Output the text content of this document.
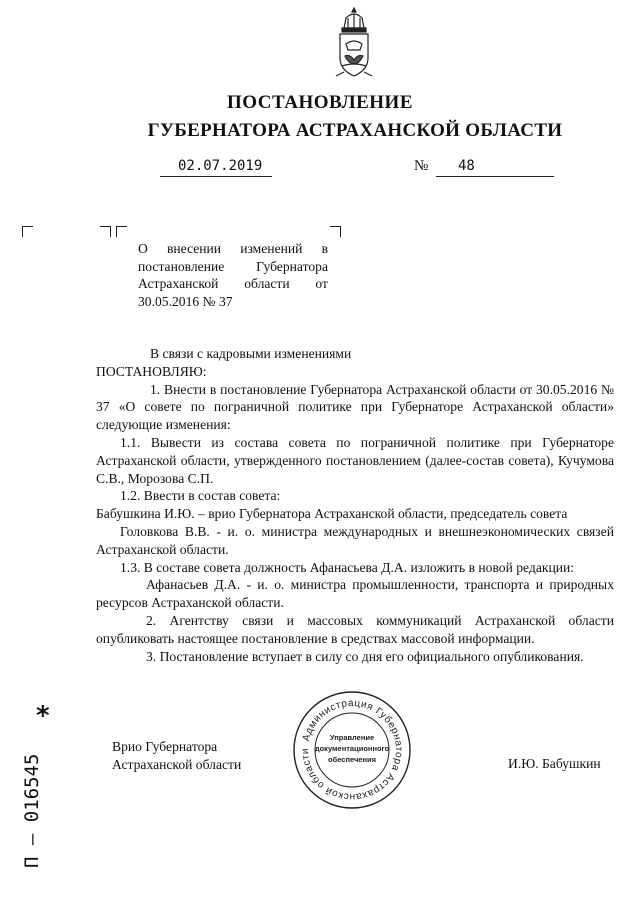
ПОСТАНОВЛЕНИЕ
ГУБЕРНАТОРА АСТРАХАНСКОЙ ОБЛАСТИ
02.07.2019	№ 48

О внесении изменений в постановление Губернатора Астраханской области от 30.05.2016 № 37

В связи с кадровыми изменениями

ПОСТАНОВЛЯЮ:

1. Внести в постановление Губернатора Астраханской области от 30.05.2016 № 37 «О совете по пограничной политике при Губернаторе Астраханской области» следующие изменения:

1.1. Вывести из состава совета по пограничной политике при Губернаторе Астраханской области, утвержденного постановлением (далее-состав совета), Кучумова С.В., Морозова С.П.

1.2. Ввести в состав совета:

Бабушкина И.Ю. – врио Губернатора Астраханской области, председатель совета

Головкова В.В. - и. о. министра международных и внешнеэкономических связей Астраханской области.

1.3. В составе совета должность Афанасьева Д.А. изложить в новой редакции:

Афанасьев Д.А. - и. о. министра промышленности, транспорта и природных ресурсов Астраханской области.

2. Агентству связи и массовых коммуникаций Астраханской области опубликовать настоящее постановление в средствах массовой информации.

3. Постановление вступает в силу со дня его официального опубликования.

Врио Губернатора
Астраханской области	И.Ю. Бабушкин
Администрация Губернатора Астраханской области
Управление
документационного
обеспечения
П – 016545
*
